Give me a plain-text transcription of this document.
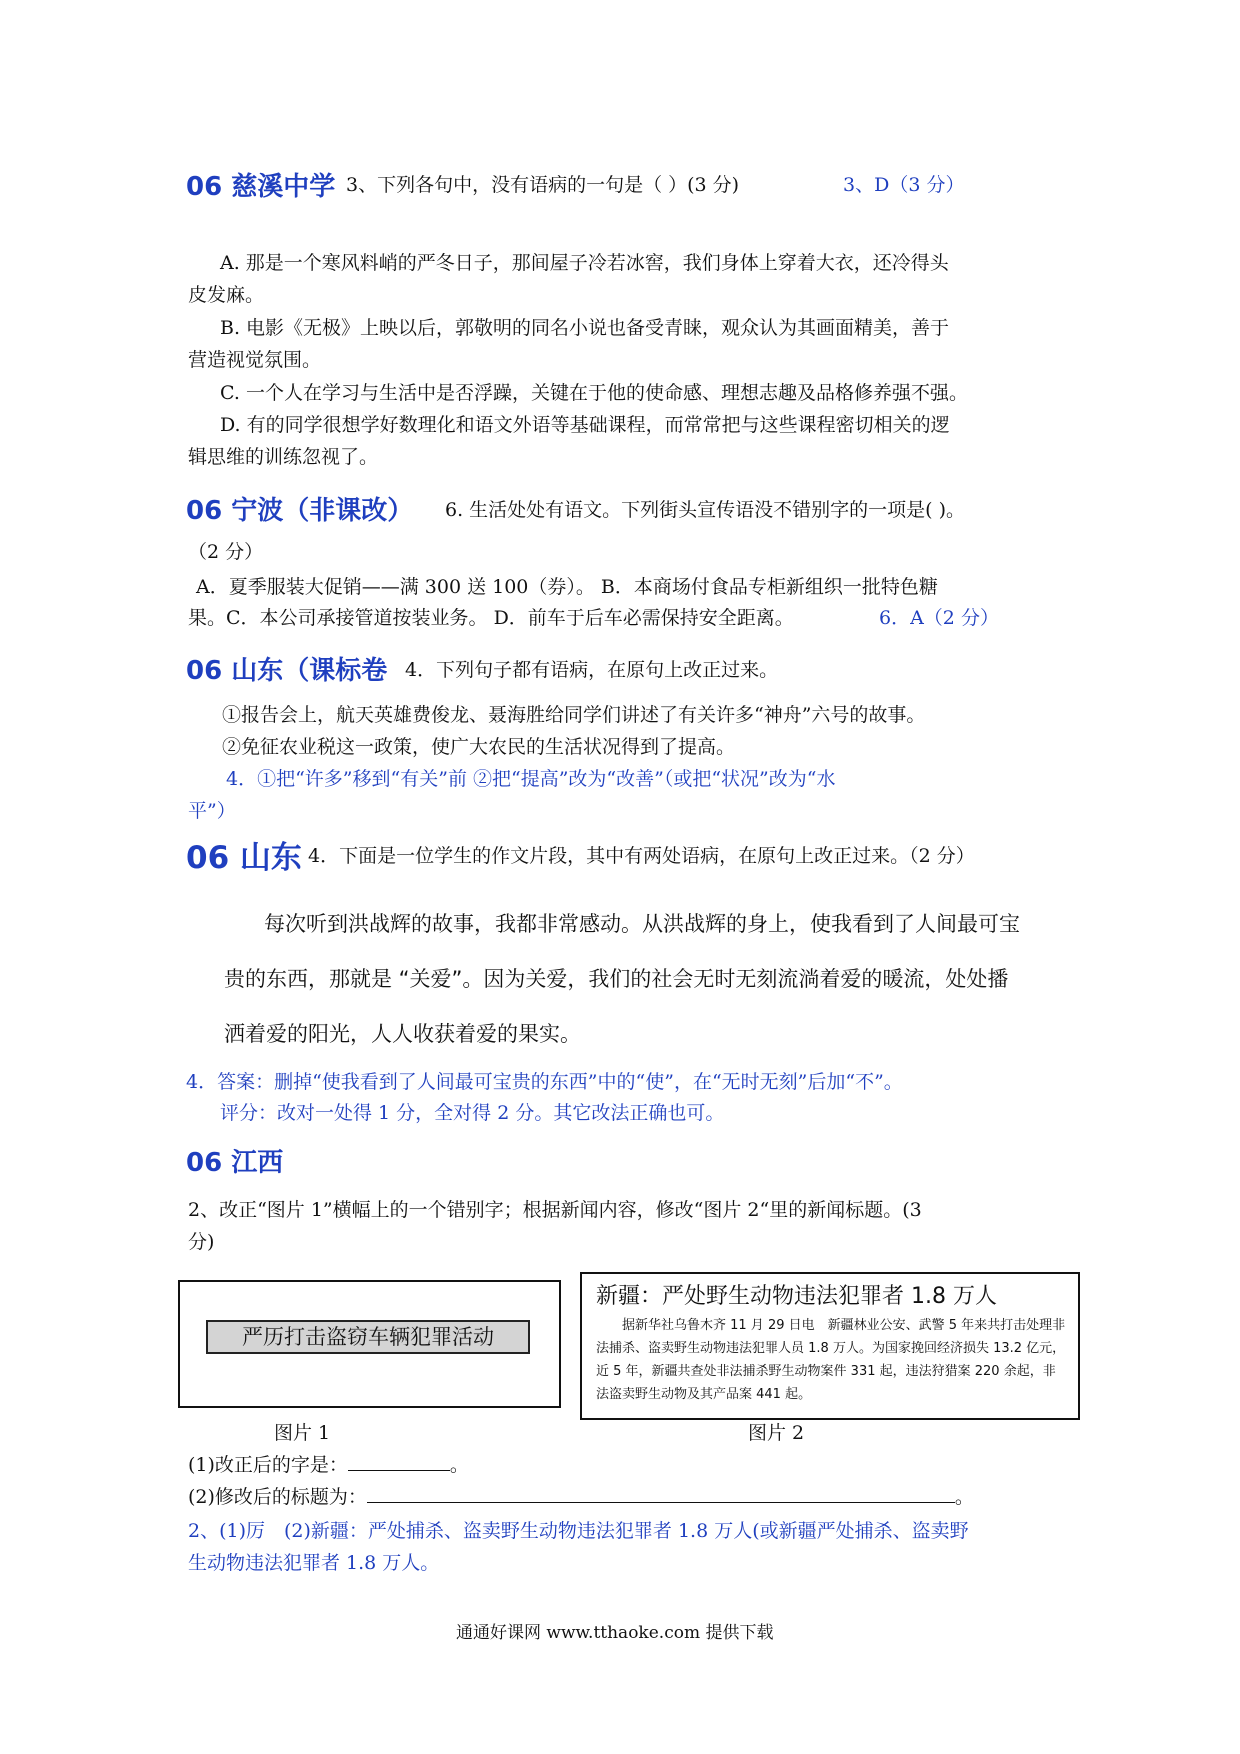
06 慈溪中学 3、下列各句中，没有语病的一句是（ ）(3 分)	3、D（3 分）
A. 那是一个寒风料峭的严冬日子，那间屋子冷若冰窖，我们身体上穿着大衣，还冷得头
皮发麻。
B. 电影《无极》上映以后，郭敬明的同名小说也备受青睐，观众认为其画面精美，善于
营造视觉氛围。
C. 一个人在学习与生活中是否浮躁，关键在于他的使命感、理想志趣及品格修养强不强。
D. 有的同学很想学好数理化和语文外语等基础课程，而常常把与这些课程密切相关的逻
辑思维的训练忽视了。
06 宁波（非课改） 6. 生活处处有语文。下列街头宣传语没不错别字的一项是( )。
（2 分）
A．夏季服装大促销——满 300 送 100（券）。 B．本商场付食品专柜新组织一批特色糖
果。C．本公司承接管道按装业务。 D．前车于后车必需保持安全距离。	6．A（2 分）
06 山东（课标卷 4．下列句子都有语病，在原句上改正过来。
①报告会上，航天英雄费俊龙、聂海胜给同学们讲述了有关许多“神舟”六号的故事。
②免征农业税这一政策，使广大农民的生活状况得到了提高。
4．①把“许多”移到“有关”前 ②把“提高”改为“改善”（或把“状况”改为“水
平”）
06 山东 4．下面是一位学生的作文片段，其中有两处语病，在原句上改正过来。（2 分）
每次听到洪战辉的故事，我都非常感动。从洪战辉的身上，使我看到了人间最可宝
贵的东西，那就是 “关爱”。因为关爱，我们的社会无时无刻流淌着爱的暖流，处处播
洒着爱的阳光，人人收获着爱的果实。
4．答案：删掉“使我看到了人间最可宝贵的东西”中的“使”，在“无时无刻”后加“不”。
评分：改对一处得 1 分，全对得 2 分。其它改法正确也可。
06 江西
2、改正“图片 1”横幅上的一个错别字；根据新闻内容，修改“图片 2“里的新闻标题。(3
分)
严历打击盗窃车辆犯罪活动
新疆：严处野生动物违法犯罪者 1.8 万人
据新华社乌鲁木齐 11 月 29 日电　新疆林业公安、武警 5 年来共打击处理非法捕杀、盗卖野生动物违法犯罪人员 1.8 万人。为国家挽回经济损失 13.2 亿元，近 5 年，新疆共查处非法捕杀野生动物案件 331 起，违法狩猎案 220 余起，非法盗卖野生动物及其产品案 441 起。
图片 1	图片 2
(1)改正后的字是：	。
(2)修改后的标题为：	。
2、(1)厉　(2)新疆：严处捕杀、盗卖野生动物违法犯罪者 1.8 万人(或新疆严处捕杀、盗卖野
生动物违法犯罪者 1.8 万人。
通通好课网 www.tthaoke.com 提供下载
